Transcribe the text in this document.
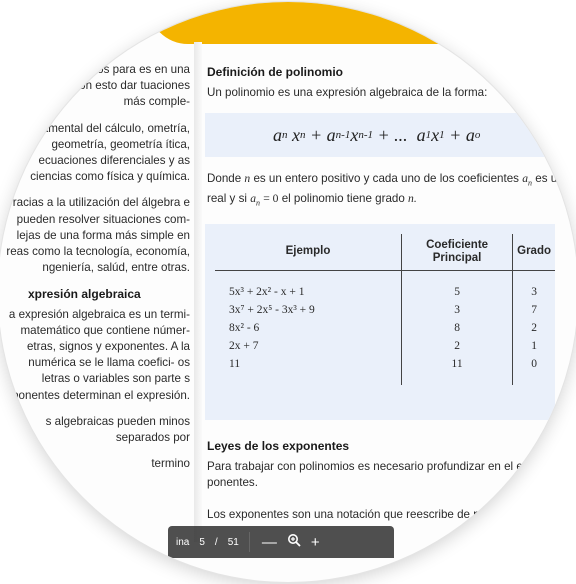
aticas que y signos para es en una forma diendo con esto dar tuaciones más comple-

te fundamental del cálculo, ometría, geometría, geometría ítica, ecuaciones diferenciales y as ciencias como física y química.

racias a la utilización del álgebra e pueden resolver situaciones com- lejas de una forma más simple en reas como la tecnología, economía, ngeniería, salúd, entre otras.

xpresión algebraica

a expresión algebraica es un termi- matemático que contiene númer- etras, signos y exponentes. A la numérica se le llama coefici- os letras o variables son parte s exponentes determinan el expresión.

s algebraicas pueden minos separados por

termino

Definición de polinomio

Un polinomio es una expresión algebraica de la forma:

a n
x n
+
a n-1 x n-1
+ ...
a 1 x 1
+
a o

Donde n es un entero positivo y cada uno de los coeficientes $a_n$ es un
real y si $a_n = 0$ el polinomio tiene grado n.

Ejemplo	Coeficiente Principal	Grado

5x³ + 2x² - x + 1	5	3
3x⁷ + 2x⁵ - 3x³ + 9	3	7
8x² - 6	8	2
2x + 7	2	1
11	11	0

Leyes de los exponentes

Para trabajar con polinomios es necesario profundizar en el es ponentes.

Los exponentes son una notación que reescribe de plicación.

ina 5 / 51 — +
